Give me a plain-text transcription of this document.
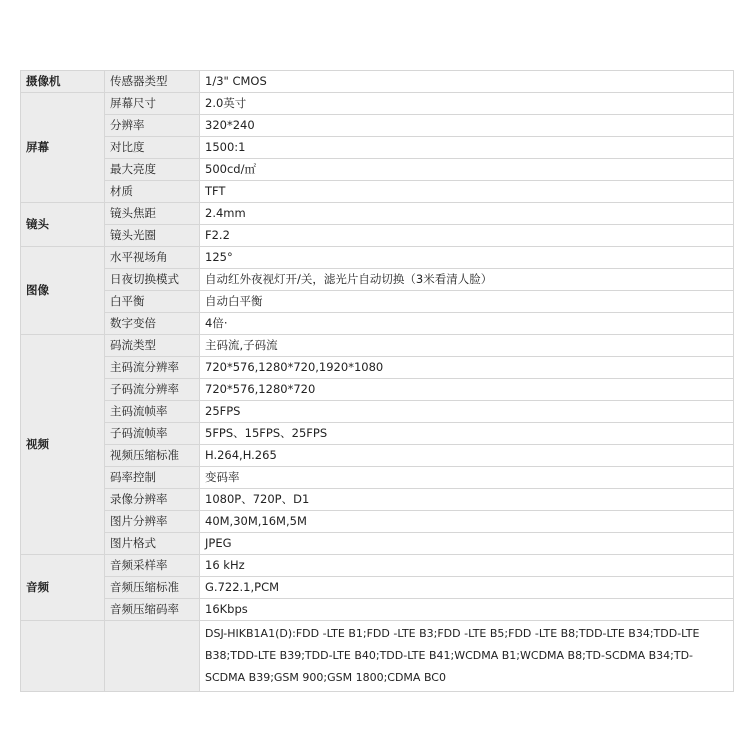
摄像机	传感器类型	1/3" CMOS
屏幕	屏幕尺寸	2.0英寸
	分辨率	320*240
	对比度	1500:1
	最大亮度	500cd/㎡
	材质	TFT
镜头	镜头焦距	2.4mm
	镜头光圈	F2.2
图像	水平视场角	125°
	日夜切换模式	自动红外夜视灯开/关，滤光片自动切换（3米看清人脸）
	白平衡	自动白平衡
	数字变倍	4倍·
视频	码流类型	主码流,子码流
	主码流分辨率	720*576,1280*720,1920*1080
	子码流分辨率	720*576,1280*720
	主码流帧率	25FPS
	子码流帧率	5FPS、15FPS、25FPS
	视频压缩标准	H.264,H.265
	码率控制	变码率
	录像分辨率	1080P、720P、D1
	图片分辨率	40M,30M,16M,5M
	图片格式	JPEG
音频	音频采样率	16 kHz
	音频压缩标准	G.722.1,PCM
	音频压缩码率	16Kbps
		DSJ-HIKB1A1(D):FDD -LTE B1;FDD -LTE B3;FDD -LTE B5;FDD -LTE B8;TDD-LTE B34;TDD-LTE B38;TDD-LTE B39;TDD-LTE B40;TDD-LTE B41;WCDMA B1;WCDMA B8;TD-SCDMA B34;TD-SCDMA B39;GSM 900;GSM 1800;CDMA BC0
